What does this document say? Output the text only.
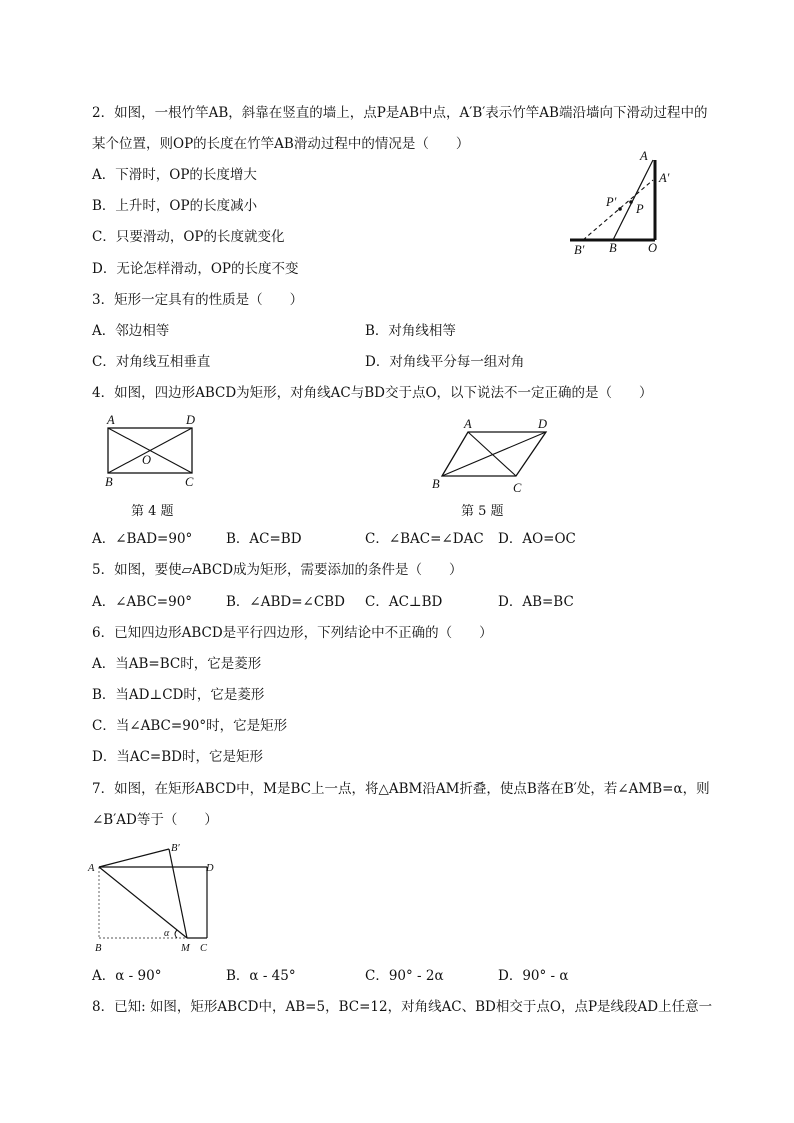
2．如图，一根竹竿AB，斜靠在竖直的墙上，点P是AB中点，A′B′表示竹竿AB端沿墙向下滑动过程中的
某个位置，则OP的长度在竹竿AB滑动过程中的情况是（　　）
A．下滑时，OP的长度增大
B．上升时，OP的长度减小
C．只要滑动，OP的长度就变化
D．无论怎样滑动，OP的长度不变
A
A′
P′ P
B′ B	O
3．矩形一定具有的性质是（　　）
A．邻边相等	B．对角线相等
C．对角线互相垂直	D．对角线平分每一组对角
4．如图，四边形ABCD为矩形，对角线AC与BD交于点O，以下说法不一定正确的是（　　）
A	D
O
B	C
第 4 题
A	D
B	C
第 5 题
A．∠BAD=90° B．AC=BD	C．∠BAC=∠DAC D．AO=OC
5．如图，要使▱ABCD成为矩形，需要添加的条件是（　　）
A．∠ABC=90°	B．∠ABD=∠CBD C．AC⊥BD	D．AB=BC
6．已知四边形ABCD是平行四边形，下列结论中不正确的（　　）
A．当AB=BC时，它是菱形
B．当AD⊥CD时，它是菱形
C．当∠ABC=90°时，它是矩形
D．当AC=BD时，它是矩形
7．如图，在矩形ABCD中，M是BC上一点，将△ABM沿AM折叠，使点B落在B′处，若∠AMB=α，则
∠B′AD等于（　　）
A
B′
D
B	M C
α
A．α - 90°	B．α - 45°	C．90° - 2α	D．90° - α
8．已知: 如图，矩形ABCD中，AB=5，BC=12，对角线AC、BD相交于点O，点P是线段AD上任意一
